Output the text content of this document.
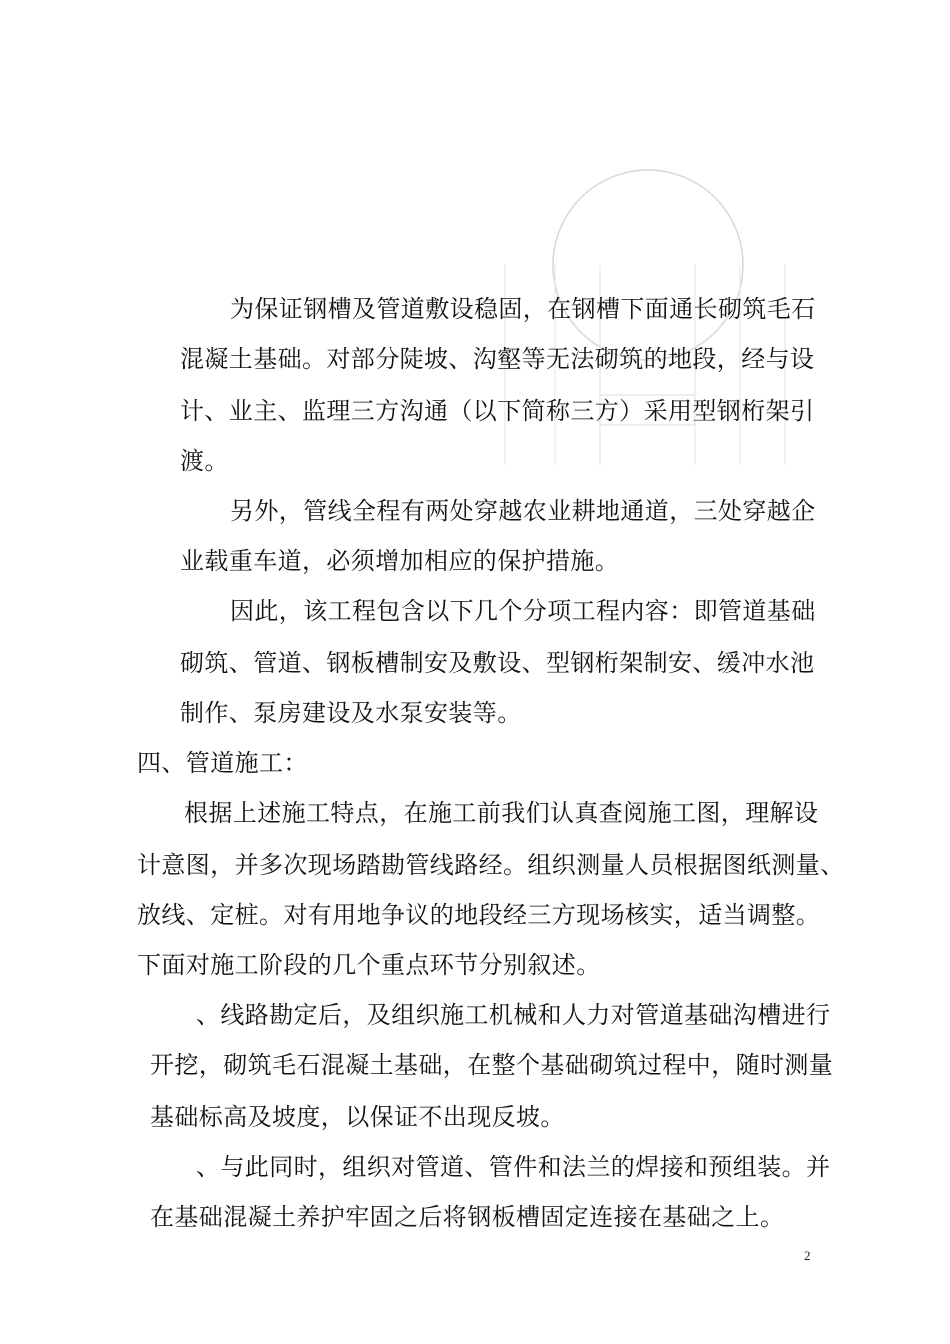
为保证钢槽及管道敷设稳固，在钢槽下面通长砌筑毛石

混凝土基础。对部分陡坡、沟壑等无法砌筑的地段，经与设

计、业主、监理三方沟通（以下简称三方）采用型钢桁架引

渡。

另外，管线全程有两处穿越农业耕地通道，三处穿越企

业载重车道，必须增加相应的保护措施。

因此，该工程包含以下几个分项工程内容：即管道基础

砌筑、管道、钢板槽制安及敷设、型钢桁架制安、缓冲水池

制作、泵房建设及水泵安装等。

四、管道施工：

根据上述施工特点，在施工前我们认真查阅施工图，理解设

计意图，并多次现场踏勘管线路经。组织测量人员根据图纸测量、

放线、定桩。对有用地争议的地段经三方现场核实，适当调整。

下面对施工阶段的几个重点环节分别叙述。

、线路勘定后，及组织施工机械和人力对管道基础沟槽进行

开挖，砌筑毛石混凝土基础，在整个基础砌筑过程中，随时测量

基础标高及坡度，以保证不出现反坡。

、与此同时，组织对管道、管件和法兰的焊接和预组装。并

在基础混凝土养护牢固之后将钢板槽固定连接在基础之上。

2
